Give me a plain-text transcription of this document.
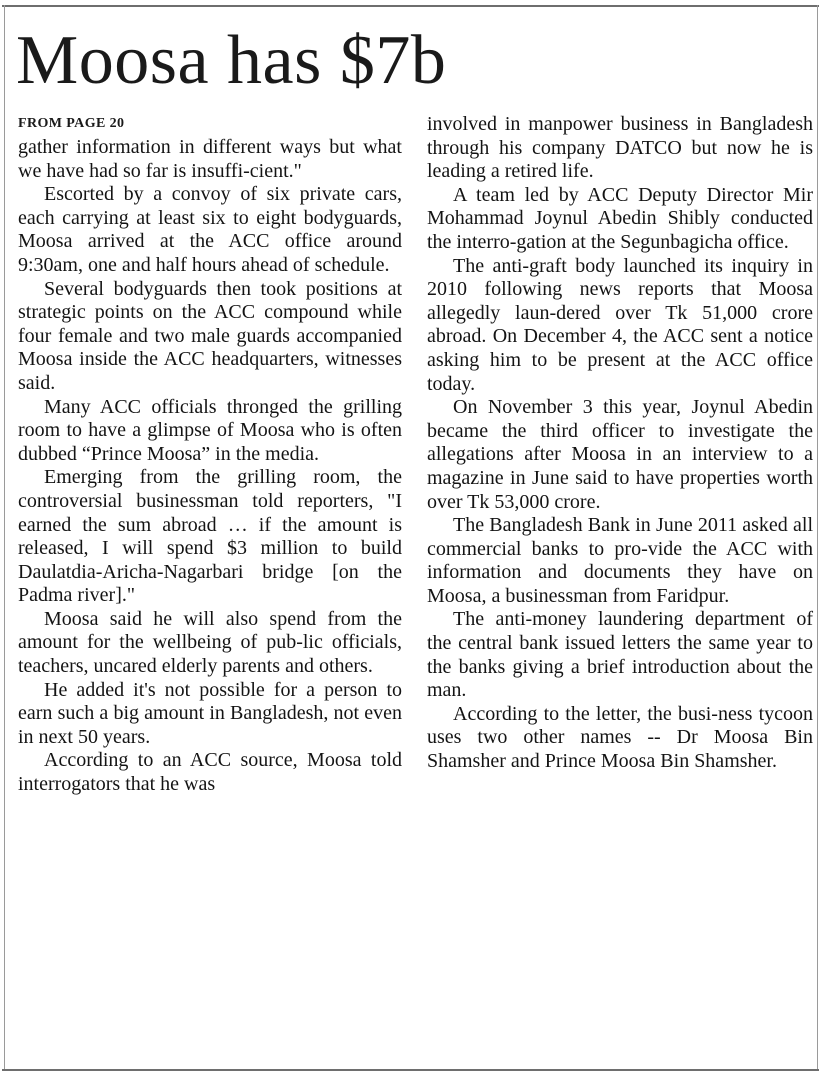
Moosa has $7b
FROM PAGE 20

gather information in different ways but what we have had so far is insuffi-cient."

Escorted by a convoy of six private cars, each carrying at least six to eight bodyguards, Moosa arrived at the ACC office around 9:30am, one and half hours ahead of schedule.

Several bodyguards then took positions at strategic points on the ACC compound while four female and two male guards accompanied Moosa inside the ACC headquarters, witnesses said.

Many ACC officials thronged the grilling room to have a glimpse of Moosa who is often dubbed “Prince Moosa” in the media.

Emerging from the grilling room, the controversial businessman told reporters, "I earned the sum abroad … if the amount is released, I will spend $3 million to build Daulatdia-Aricha-Nagarbari bridge [on the Padma river]."

Moosa said he will also spend from the amount for the wellbeing of pub-lic officials, teachers, uncared elderly parents and others.

He added it's not possible for a person to earn such a big amount in Bangladesh, not even in next 50 years.

According to an ACC source, Moosa told interrogators that he was

involved in manpower business in Bangladesh through his company DATCO but now he is leading a retired life.

A team led by ACC Deputy Director Mir Mohammad Joynul Abedin Shibly conducted the interro-gation at the Segunbagicha office.

The anti-graft body launched its inquiry in 2010 following news reports that Moosa allegedly laun-dered over Tk 51,000 crore abroad. On December 4, the ACC sent a notice asking him to be present at the ACC office today.

On November 3 this year, Joynul Abedin became the third officer to investigate the allegations after Moosa in an interview to a magazine in June said to have properties worth over Tk 53,000 crore.

The Bangladesh Bank in June 2011 asked all commercial banks to pro-vide the ACC with information and documents they have on Moosa, a businessman from Faridpur.

The anti-money laundering department of the central bank issued letters the same year to the banks giving a brief introduction about the man.

According to the letter, the busi-ness tycoon uses two other names -- Dr Moosa Bin Shamsher and Prince Moosa Bin Shamsher.
